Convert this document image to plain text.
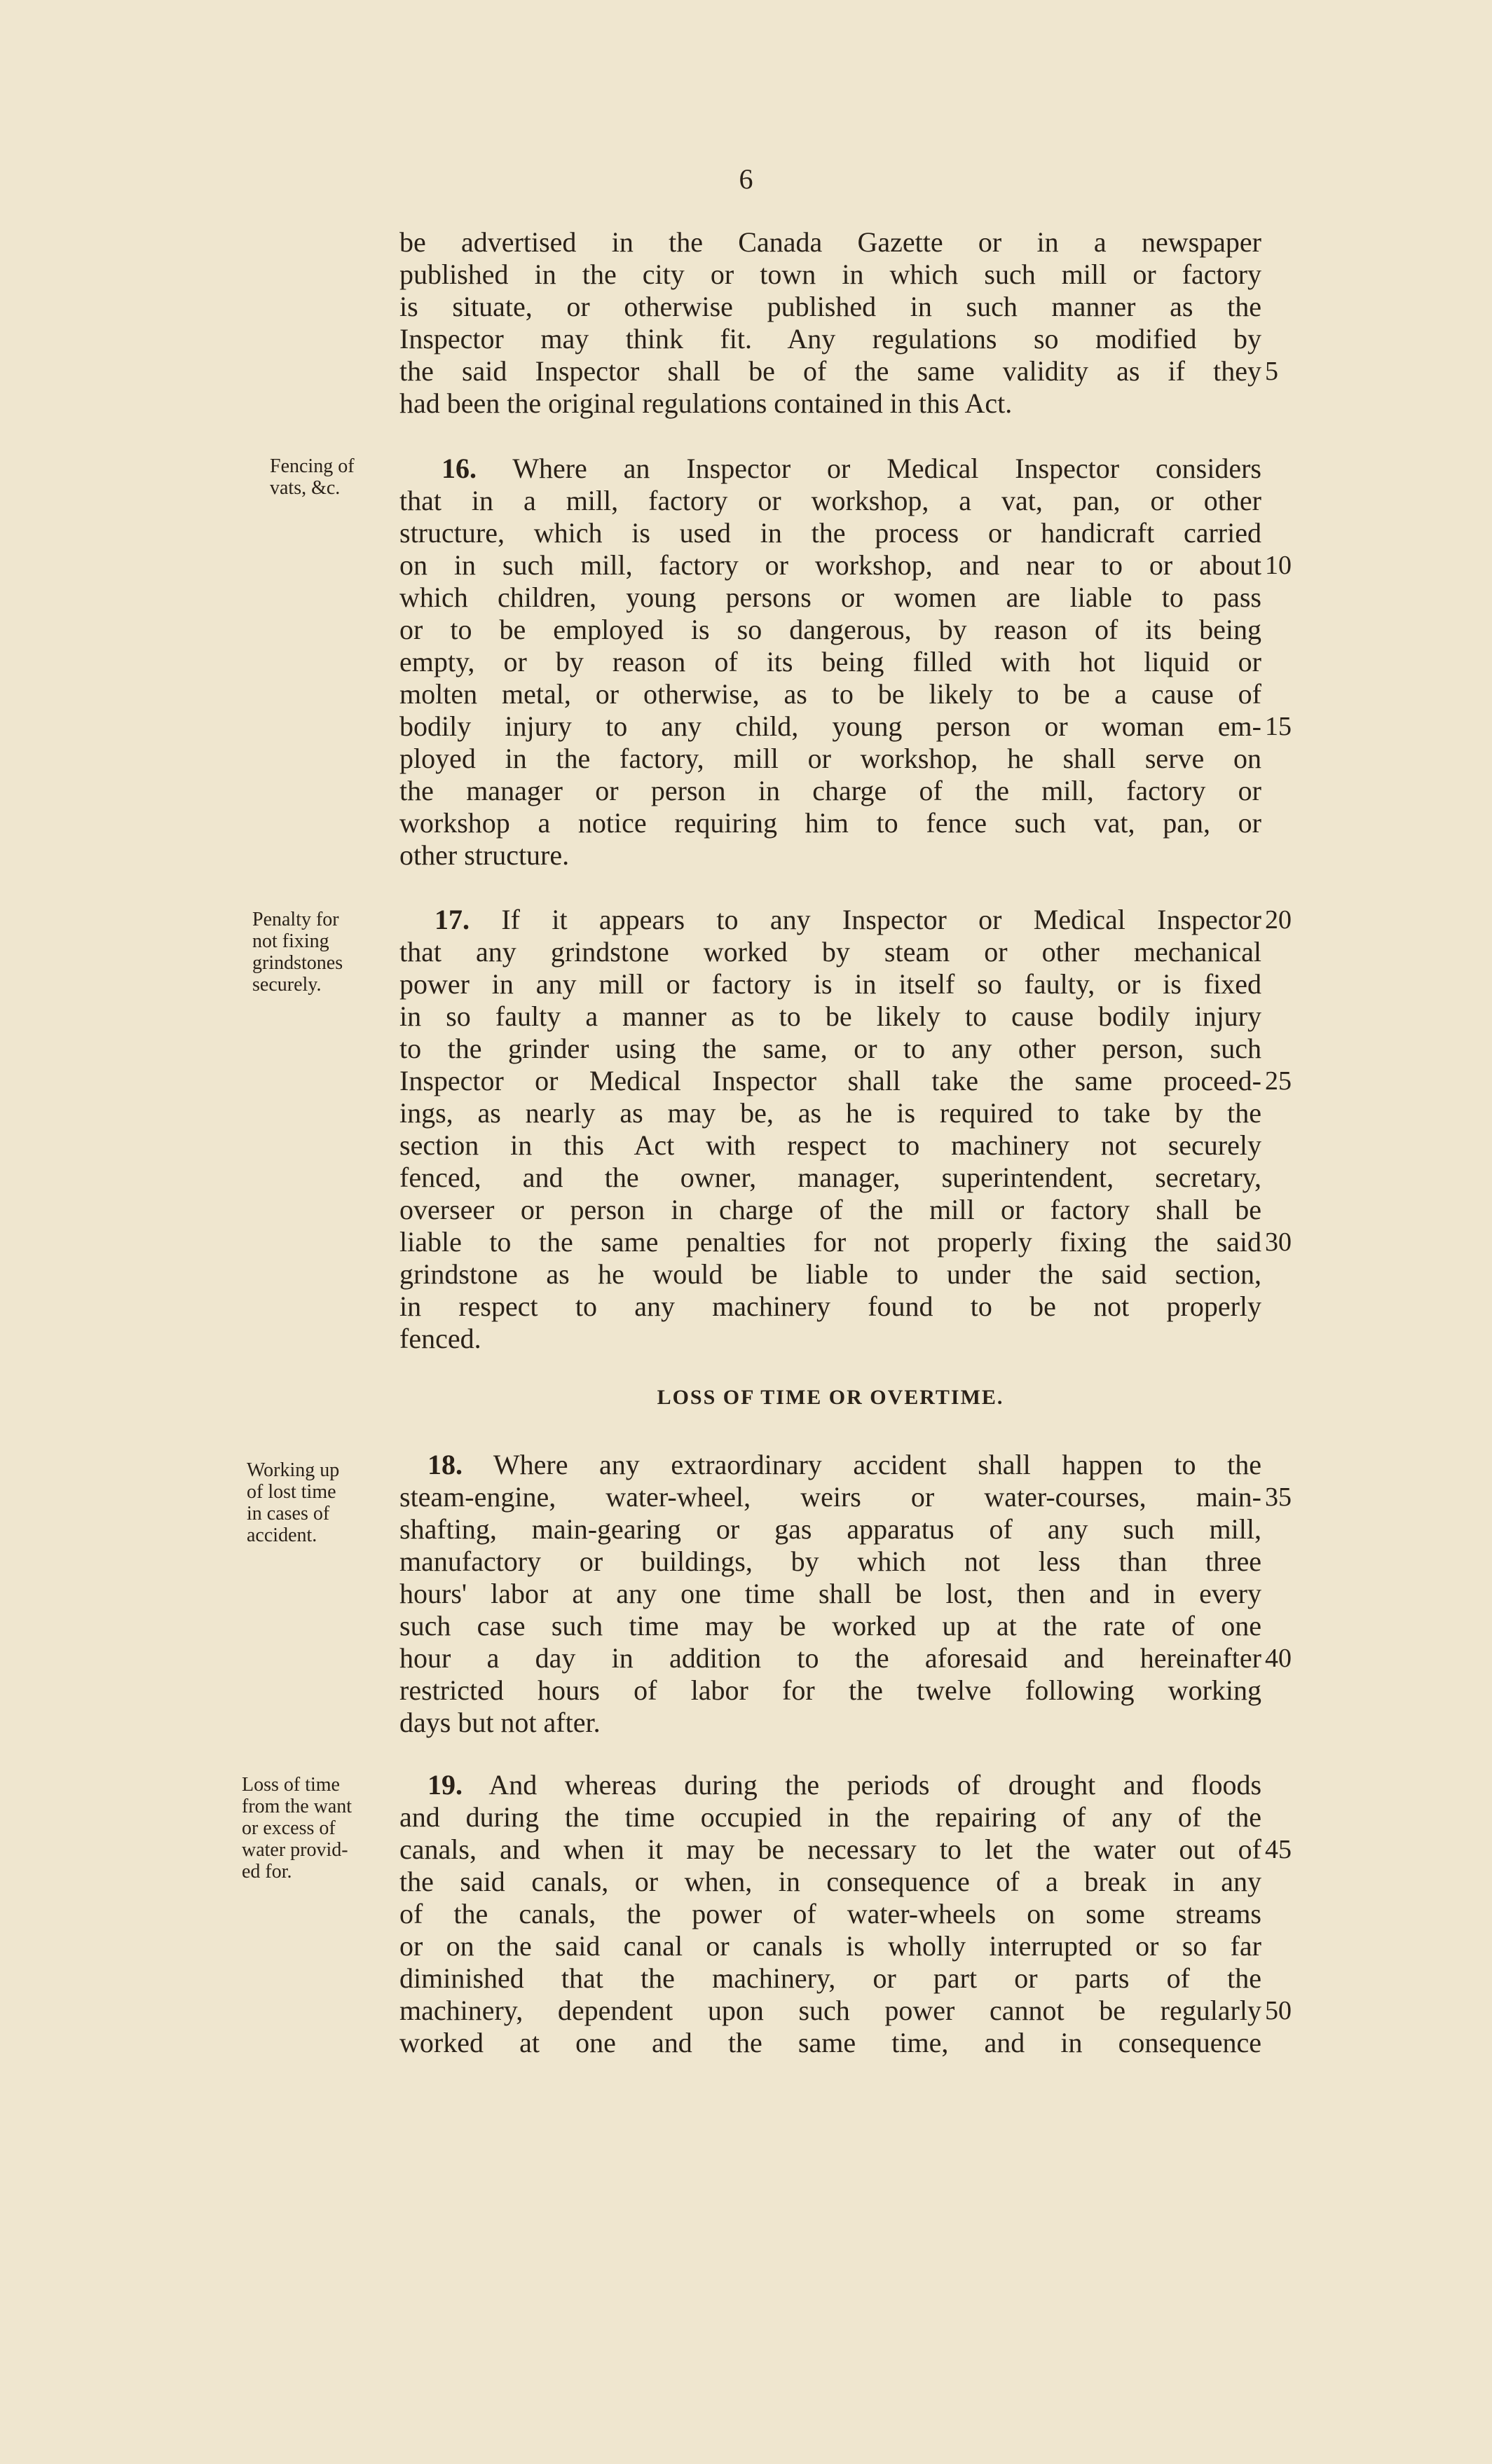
6
be advertised in the Canada Gazette or in a newspaper
published in the city or town in which such mill or factory
is situate, or otherwise published in such manner as the
Inspector may think fit. Any regulations so modified by
the said Inspector shall be of the same validity as if they
had been the original regulations contained in this Act.
Fencing of
vats, &c.
16. Where an Inspector or Medical Inspector considers
that in a mill, factory or workshop, a vat, pan, or other
structure, which is used in the process or handicraft carried
on in such mill, factory or workshop, and near to or about
which children, young persons or women are liable to pass
or to be employed is so dangerous, by reason of its being
empty, or by reason of its being filled with hot liquid or
molten metal, or otherwise, as to be likely to be a cause of
bodily injury to any child, young person or woman em-
ployed in the factory, mill or workshop, he shall serve on
the manager or person in charge of the mill, factory or
workshop a notice requiring him to fence such vat, pan, or
other structure.
Penalty for
not fixing
grindstones
securely.
17. If it appears to any Inspector or Medical Inspector
that any grindstone worked by steam or other mechanical
power in any mill or factory is in itself so faulty, or is fixed
in so faulty a manner as to be likely to cause bodily injury
to the grinder using the same, or to any other person, such
Inspector or Medical Inspector shall take the same proceed-
ings, as nearly as may be, as he is required to take by the
section in this Act with respect to machinery not securely
fenced, and the owner, manager, superintendent, secretary,
overseer or person in charge of the mill or factory shall be
liable to the same penalties for not properly fixing the said
grindstone as he would be liable to under the said section,
in respect to any machinery found to be not properly
fenced.
LOSS OF TIME OR OVERTIME.
Working up
of lost time
in cases of
accident.
18. Where any extraordinary accident shall happen to the
steam-engine, water-wheel, weirs or water-courses, main-
shafting, main-gearing or gas apparatus of any such mill,
manufactory or buildings, by which not less than three
hours' labor at any one time shall be lost, then and in every
such case such time may be worked up at the rate of one
hour a day in addition to the aforesaid and hereinafter
restricted hours of labor for the twelve following working
days but not after.
Loss of time
from the want
or excess of
water provid-
ed for.
19. And whereas during the periods of drought and floods
and during the time occupied in the repairing of any of the
canals, and when it may be necessary to let the water out of
the said canals, or when, in consequence of a break in any
of the canals, the power of water-wheels on some streams
or on the said canal or canals is wholly interrupted or so far
diminished that the machinery, or part or parts of the
machinery, dependent upon such power cannot be regularly
worked at one and the same time, and in consequence
5
10
15
20
25
30
35
40
45
50
